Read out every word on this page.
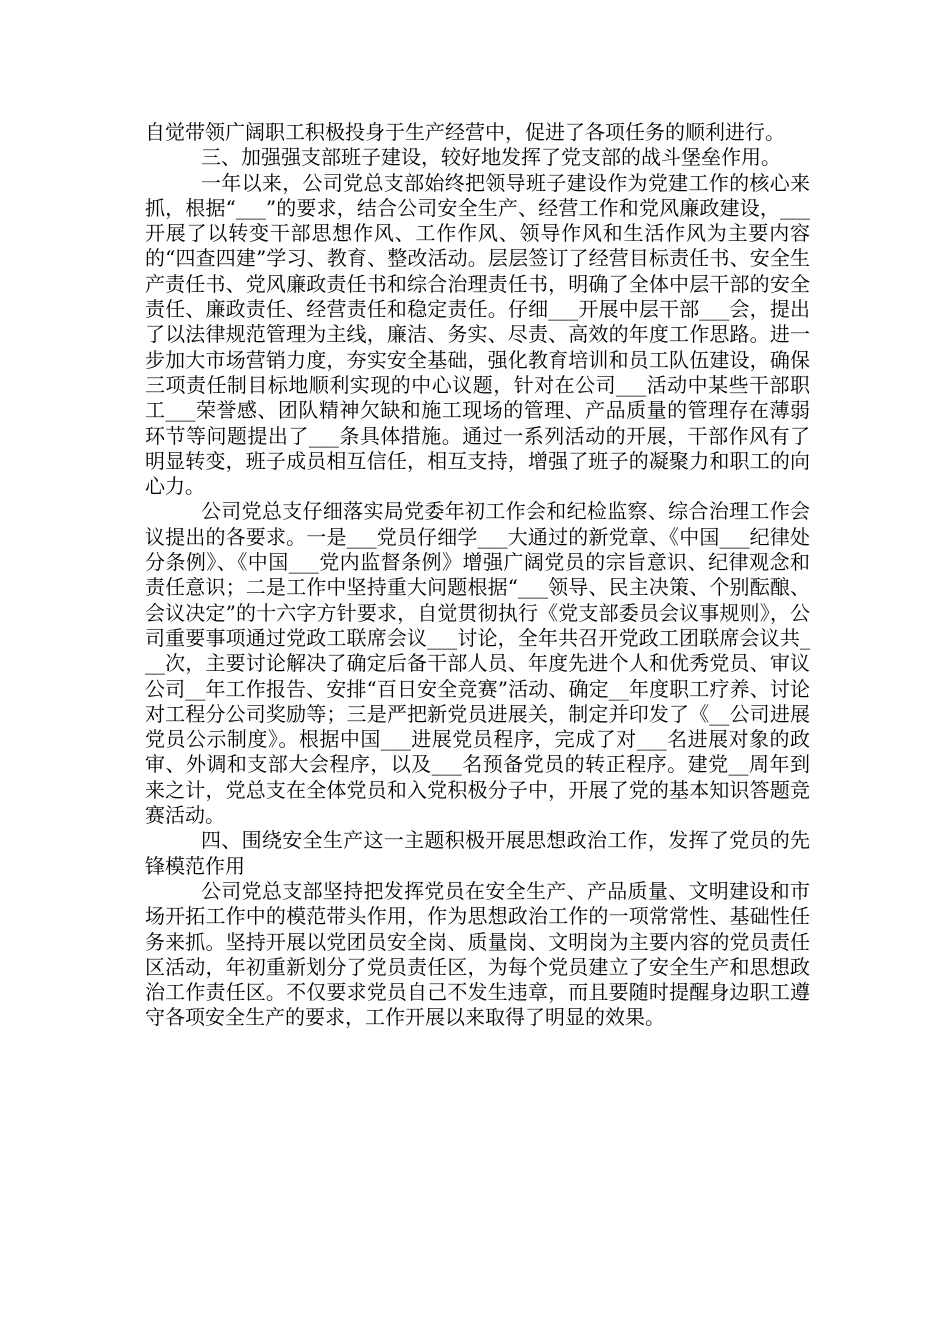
自觉带领广阔职工积极投身于生产经营中，促进了各项任务的顺利进行。

三、加强强支部班子建设，较好地发挥了党支部的战斗堡垒作用。

一年以来，公司党总支部始终把领导班子建设作为党建工作的核心来抓，根据“___”的要求，结合公司安全生产、经营工作和党风廉政建设，___开展了以转变干部思想作风、工作作风、领导作风和生活作风为主要内容的“四查四建”学习、教育、整改活动。层层签订了经营目标责任书、安全生产责任书、党风廉政责任书和综合治理责任书，明确了全体中层干部的安全责任、廉政责任、经营责任和稳定责任。仔细___开展中层干部___会，提出了以法律规范管理为主线，廉洁、务实、尽责、高效的年度工作思路。进一步加大市场营销力度，夯实安全基础，强化教育培训和员工队伍建设，确保三项责任制目标地顺利实现的中心议题，针对在公司___活动中某些干部职工___荣誉感、团队精神欠缺和施工现场的管理、产品质量的管理存在薄弱环节等问题提出了___条具体措施。通过一系列活动的开展，干部作风有了明显转变，班子成员相互信任，相互支持，增强了班子的凝聚力和职工的向心力。

公司党总支仔细落实局党委年初工作会和纪检监察、综合治理工作会议提出的各要求。一是___党员仔细学___大通过的新党章、《中国___纪律处分条例》、《中国___党内监督条例》增强广阔党员的宗旨意识、纪律观念和责任意识；二是工作中坚持重大问题根据“___领导、民主决策、个别酝酿、会议决定”的十六字方针要求，自觉贯彻执行《党支部委员会议事规则》，公司重要事项通过党政工联席会议___讨论，全年共召开党政工团联席会议共___次，主要讨论解决了确定后备干部人员、年度先进个人和优秀党员、审议公司__年工作报告、安排“百日安全竞赛”活动、确定__年度职工疗养、讨论对工程分公司奖励等；三是严把新党员进展关，制定并印发了《__公司进展党员公示制度》。根据中国___进展党员程序，完成了对___名进展对象的政审、外调和支部大会程序，以及___名预备党员的转正程序。建党__周年到来之计，党总支在全体党员和入党积极分子中，开展了党的基本知识答题竞赛活动。

四、围绕安全生产这一主题积极开展思想政治工作，发挥了党员的先锋模范作用

公司党总支部坚持把发挥党员在安全生产、产品质量、文明建设和市场开拓工作中的模范带头作用，作为思想政治工作的一项常常性、基础性任务来抓。坚持开展以党团员安全岗、质量岗、文明岗为主要内容的党员责任区活动，年初重新划分了党员责任区，为每个党员建立了安全生产和思想政治工作责任区。不仅要求党员自己不发生违章，而且要随时提醒身边职工遵守各项安全生产的要求，工作开展以来取得了明显的效果。
